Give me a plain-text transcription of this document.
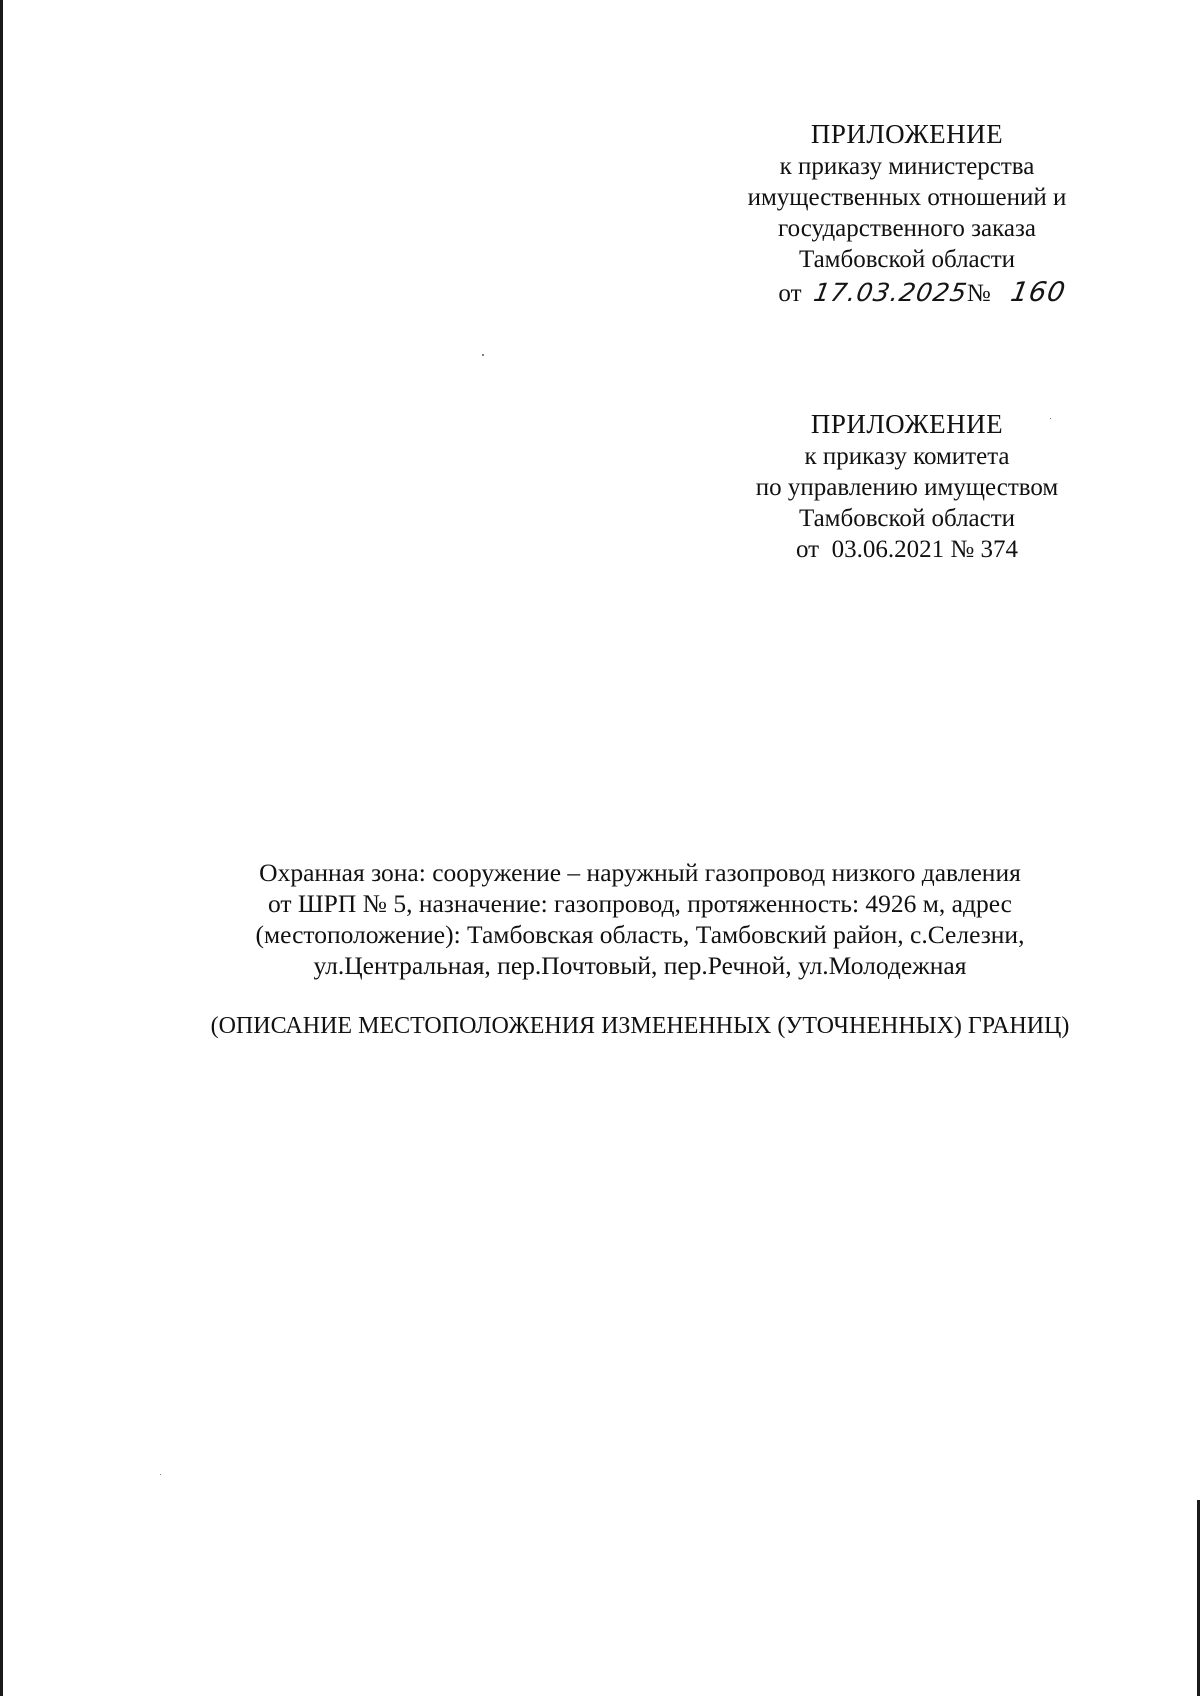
ПРИЛОЖЕНИЕ
к приказу министерства
имущественных отношений и
государственного заказа
Тамбовской области
от 17.03.2025№ 160
ПРИЛОЖЕНИЕ
к приказу комитета
по управлению имуществом
Тамбовской области
от  03.06.2021 № 374
Охранная зона: сооружение – наружный газопровод низкого давления
от ШРП № 5, назначение: газопровод, протяженность: 4926 м, адрес
(местоположение): Тамбовская область, Тамбовский район, с.Селезни,
ул.Центральная, пер.Почтовый, пер.Речной, ул.Молодежная
(ОПИСАНИЕ МЕСТОПОЛОЖЕНИЯ ИЗМЕНЕННЫХ (УТОЧНЕННЫХ) ГРАНИЦ)
